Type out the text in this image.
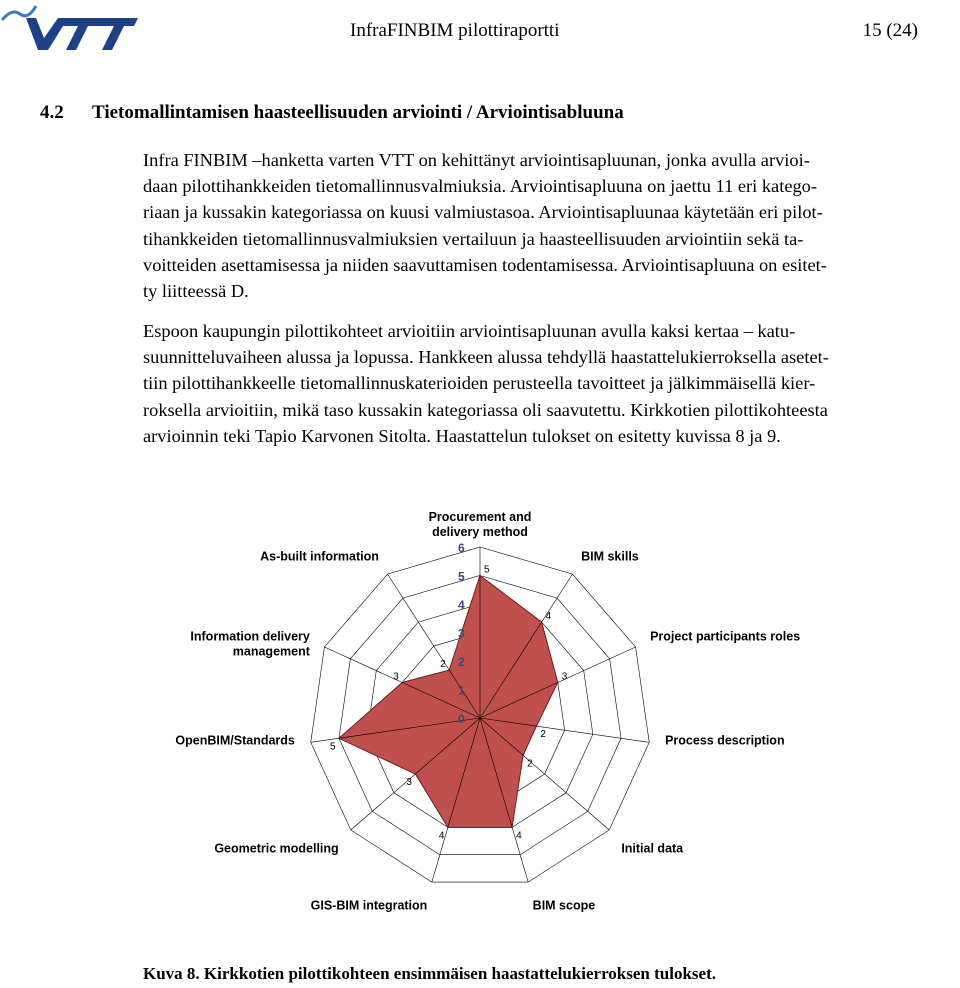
InfraFINBIM pilottiraportti	15 (24)
4.2 Tietomallintamisen haasteellisuuden arviointi / Arviointisabluuna
Infra FINBIM –hanketta varten VTT on kehittänyt arviointisapluunan, jonka avulla arvioi-
daan pilottihankkeiden tietomallinnusvalmiuksia. Arviointisapluuna on jaettu 11 eri katego-
riaan ja kussakin kategoriassa on kuusi valmiustasoa. Arviointisapluunaa käytetään eri pilot-
tihankkeiden tietomallinnusvalmiuksien vertailuun ja haasteellisuuden arviointiin sekä ta-
voitteiden asettamisessa ja niiden saavuttamisen todentamisessa. Arviointisapluuna on esitet-
ty liitteessä D.
Espoon kaupungin pilottikohteet arvioitiin arviointisapluunan avulla kaksi kertaa – katu-
suunnitteluvaiheen alussa ja lopussa. Hankkeen alussa tehdyllä haastattelukierroksella asetet-
tiin pilottihankkeelle tietomallinnuskaterioiden perusteella tavoitteet ja jälkimmäisellä kier-
roksella arvioitiin, mikä taso kussakin kategoriassa oli saavutettu. Kirkkotien pilottikohteesta
arvioinnin teki Tapio Karvonen Sitolta. Haastattelun tulokset on esitetty kuvissa 8 ja 9.
0
1
2
3
4
5
6
5
4
3
2
2
4
4
3
5
3
2
Procurement and delivery method
BIM skills
Project participants roles
Process description
Initial data
BIM scope
GIS-BIM integration
Geometric modelling
OpenBIM/Standards
Information delivery management
As-built information
Kuva 8. Kirkkotien pilottikohteen ensimmäisen haastattelukierroksen tulokset.
